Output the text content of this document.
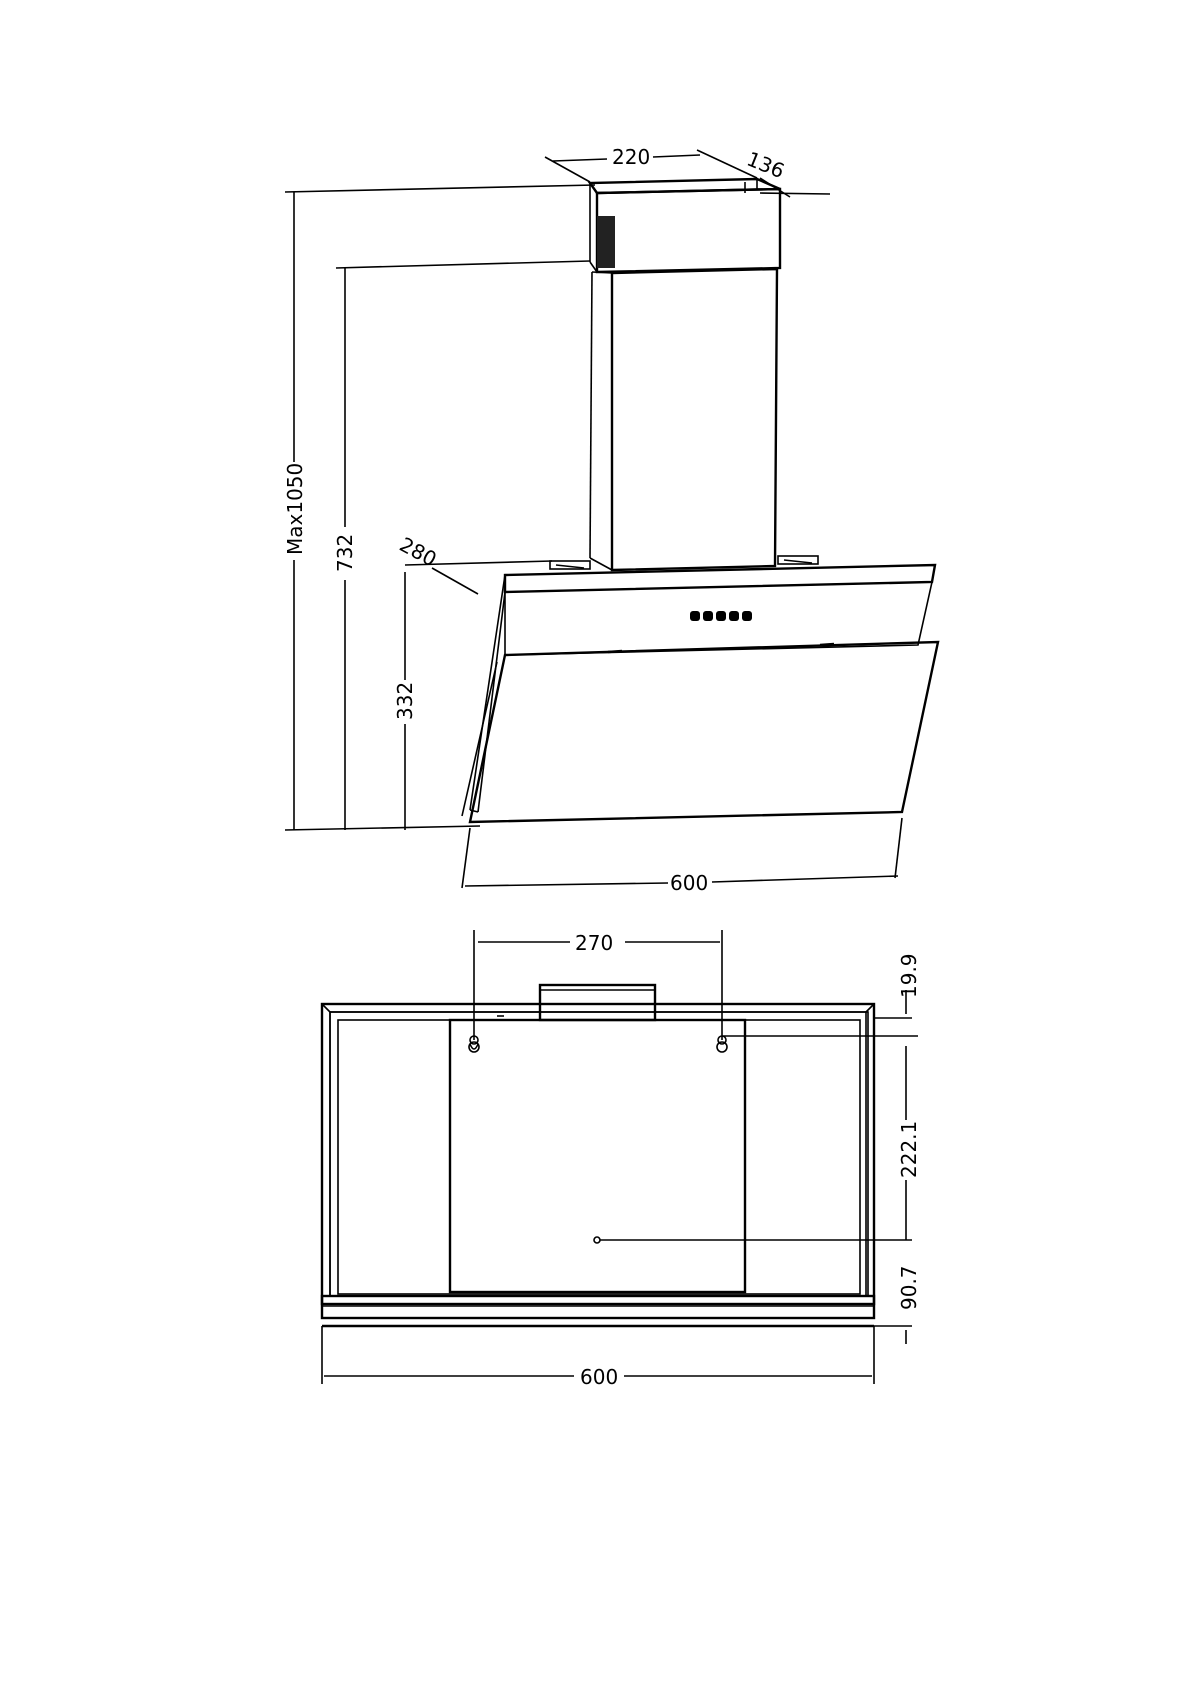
220	136
Max1050 732 280
332
600
270
19.9
222.1
90.7
600
